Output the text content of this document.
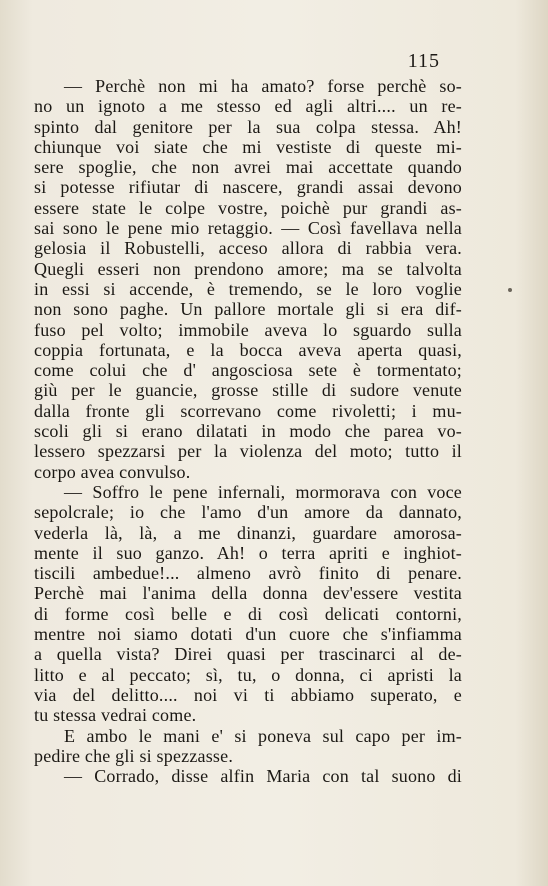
115
— Perchè non mi ha amato? forse perchè so-
no un ignoto a me stesso ed agli altri.... un re-
spinto dal genitore per la sua colpa stessa. Ah!
chiunque voi siate che mi vestiste di queste mi-
sere spoglie, che non avrei mai accettate quando
si potesse rifiutar di nascere, grandi assai devono
essere state le colpe vostre, poichè pur grandi as-
sai sono le pene mio retaggio. — Così favellava nella
gelosia il Robustelli, acceso allora di rabbia vera.
Quegli esseri non prendono amore; ma se talvolta
in essi si accende, è tremendo, se le loro voglie
non sono paghe. Un pallore mortale gli si era dif-
fuso pel volto; immobile aveva lo sguardo sulla
coppia fortunata, e la bocca aveva aperta quasi,
come colui che d' angosciosa sete è tormentato;
giù per le guancie, grosse stille di sudore venute
dalla fronte gli scorrevano come rivoletti; i mu-
scoli gli si erano dilatati in modo che parea vo-
lessero spezzarsi per la violenza del moto; tutto il
corpo avea convulso.
— Soffro le pene infernali, mormorava con voce
sepolcrale; io che l'amo d'un amore da dannato,
vederla là, là, a me dinanzi, guardare amorosa-
mente il suo ganzo. Ah! o terra apriti e inghiot-
tiscili ambedue!... almeno avrò finito di penare.
Perchè mai l'anima della donna dev'essere vestita
di forme così belle e di così delicati contorni,
mentre noi siamo dotati d'un cuore che s'infiamma
a quella vista? Direi quasi per trascinarci al de-
litto e al peccato; sì, tu, o donna, ci apristi la
via del delitto.... noi vi ti abbiamo superato, e
tu stessa vedrai come.
E ambo le mani e' si poneva sul capo per im-
pedire che gli si spezzasse.
— Corrado, disse alfin Maria con tal suono di
